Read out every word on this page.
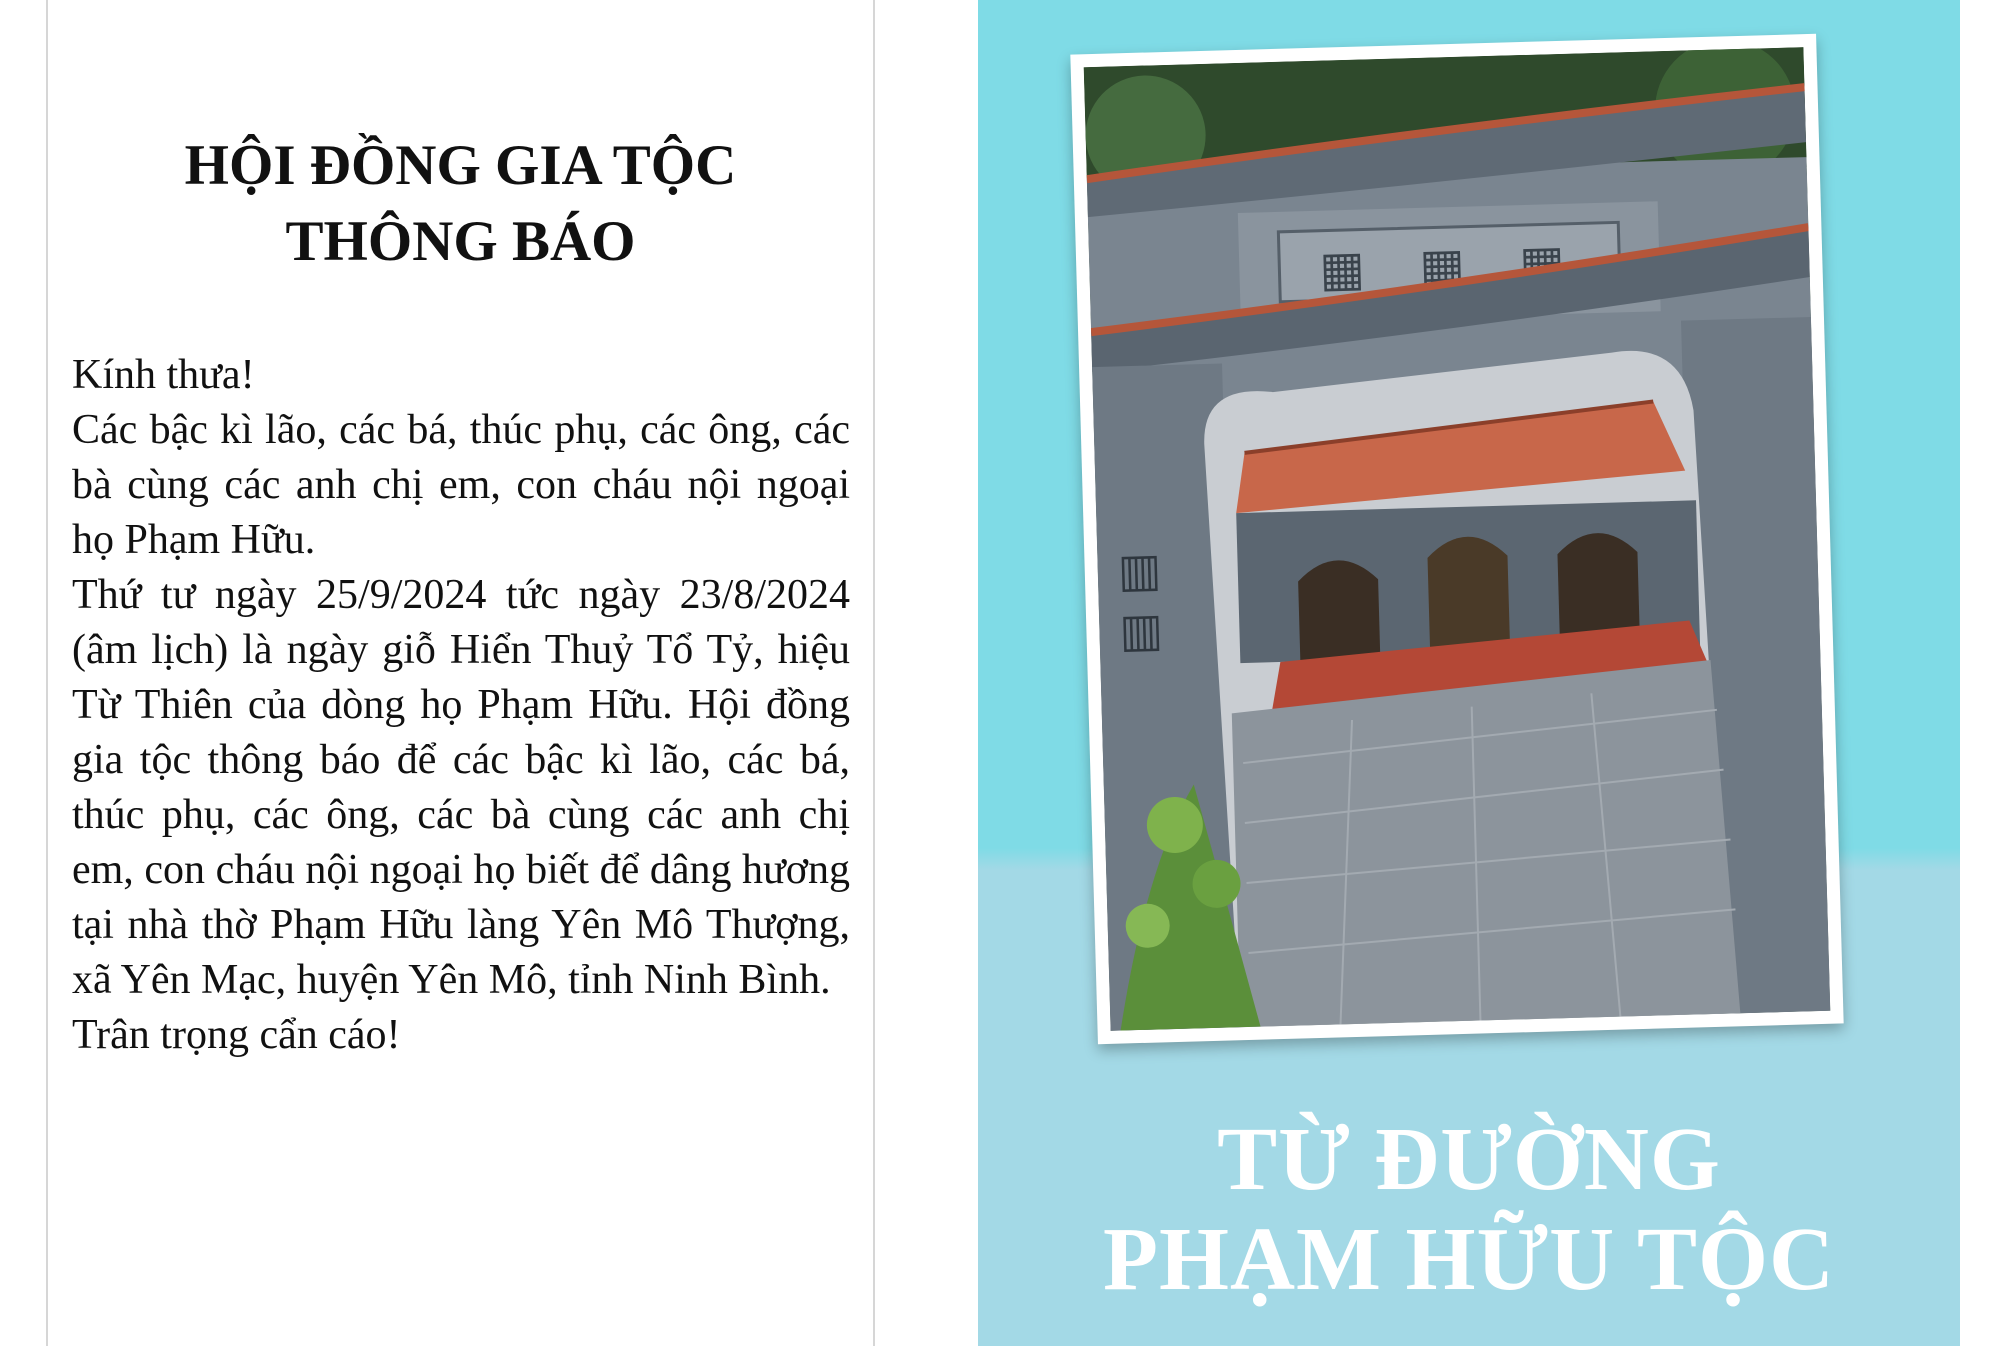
HỘI ĐỒNG GIA TỘC
THÔNG BÁO

Kính thưa!

Các bậc kì lão, các bá, thúc phụ, các ông, các bà cùng các anh chị em, con cháu nội ngoại họ Phạm Hữu.

Thứ tư ngày 25/9/2024 tức ngày 23/8/2024 (âm lịch) là ngày giỗ Hiển Thuỷ Tổ Tỷ, hiệu Từ Thiên của dòng họ Phạm Hữu. Hội đồng gia tộc thông báo để các bậc kì lão, các bá, thúc phụ, các ông, các bà cùng các anh chị em, con cháu nội ngoại họ biết để dâng hương tại nhà thờ Phạm Hữu làng Yên Mô Thượng, xã Yên Mạc, huyện Yên Mô, tỉnh Ninh Bình.

Trân trọng cẩn cáo!

▦ ▦ ▦
▥
▥
TỪ ĐƯỜNG
PHẠM HỮU TỘC
